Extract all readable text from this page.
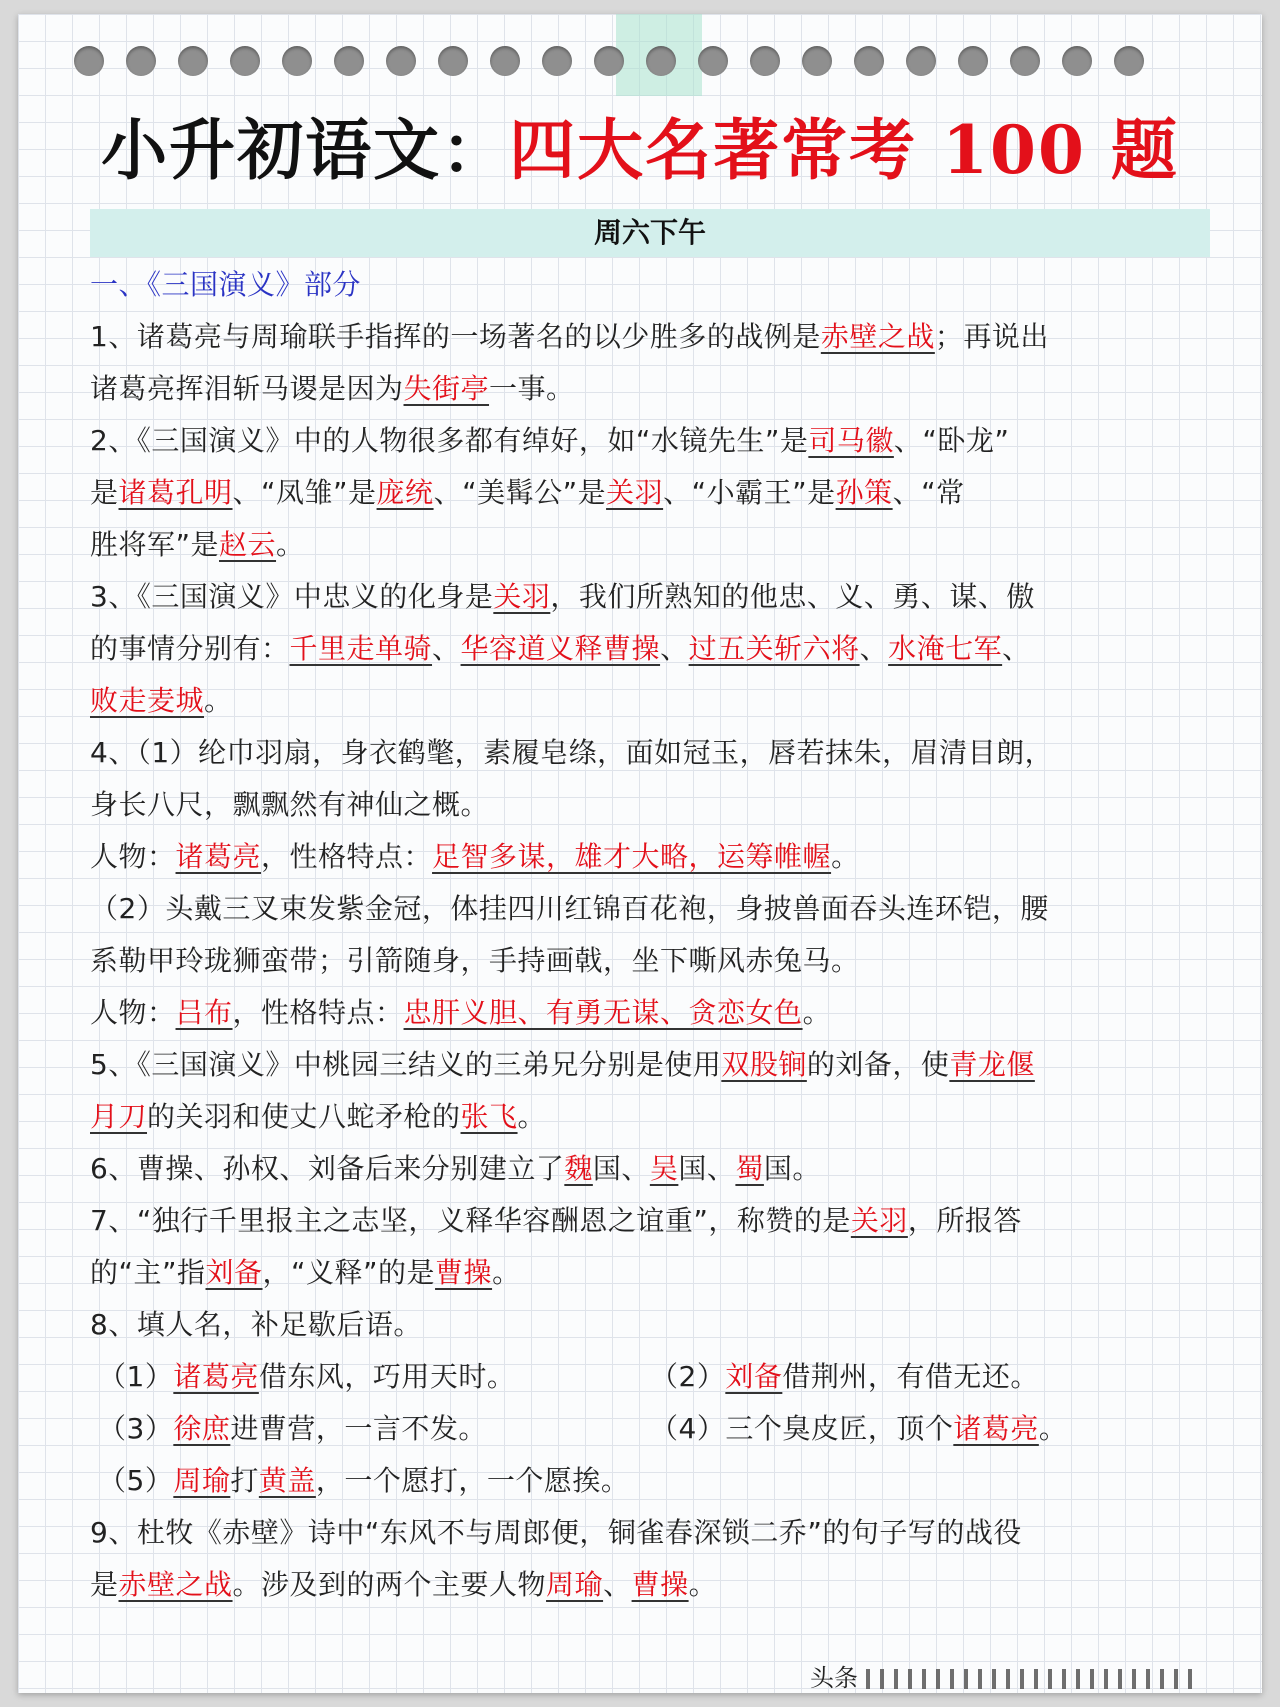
小升初语文：四大名著常考 100 题
周六下午
一、《三国演义》部分
1、诸葛亮与周瑜联手指挥的一场著名的以少胜多的战例是赤壁之战；再说出
诸葛亮挥泪斩马谡是因为失街亭一事。
2、《三国演义》中的人物很多都有绰好，如“水镜先生”是司马徽、“卧龙”
是诸葛孔明、“凤雏”是庞统、“美髯公”是关羽、“小霸王”是孙策、“常
胜将军”是赵云。
3、《三国演义》中忠义的化身是关羽，我们所熟知的他忠、义、勇、谋、傲
的事情分别有：千里走单骑、华容道义释曹操、过五关斩六将、水淹七军、
败走麦城。
4、（1）纶巾羽扇，身衣鹤氅，素履皂绦，面如冠玉，唇若抹朱，眉清目朗，
身长八尺，飘飘然有神仙之概。
人物：诸葛亮，性格特点：足智多谋，雄才大略，运筹帷幄。
（2）头戴三叉束发紫金冠，体挂四川红锦百花袍，身披兽面吞头连环铠，腰
系勒甲玲珑狮蛮带；引箭随身，手持画戟，坐下嘶风赤兔马。
人物：吕布，性格特点：忠肝义胆、有勇无谋、贪恋女色。
5、《三国演义》中桃园三结义的三弟兄分别是使用双股锏的刘备，使青龙偃
月刀的关羽和使丈八蛇矛枪的张飞。
6、曹操、孙权、刘备后来分别建立了魏国、吴国、蜀国。
7、“独行千里报主之志坚，义释华容酬恩之谊重”，称赞的是关羽，所报答
的“主”指刘备，“义释”的是曹操。
8、填人名，补足歇后语。
（1）诸葛亮借东风，巧用天时。	（2）刘备借荆州，有借无还。
（3）徐庶进曹营，一言不发。	（4）三个臭皮匠，顶个诸葛亮。
（5）周瑜打黄盖，一个愿打，一个愿挨。
9、杜牧《赤壁》诗中“东风不与周郎便，铜雀春深锁二乔”的句子写的战役
是赤壁之战。涉及到的两个主要人物周瑜、曹操。
头条
